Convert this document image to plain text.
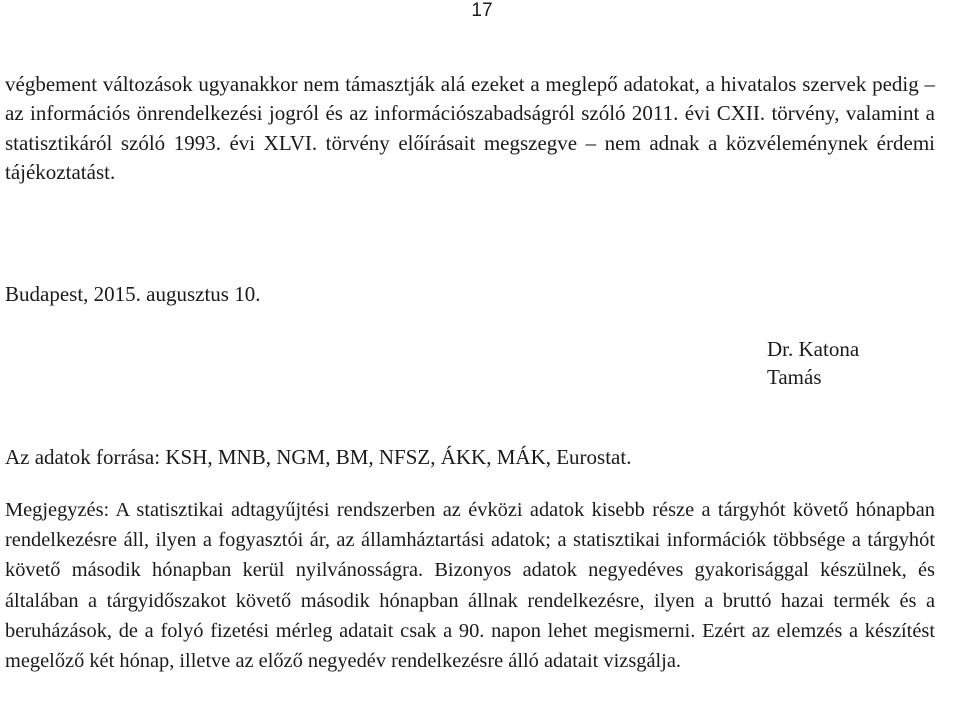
17

végbement változások ugyanakkor nem támasztják alá ezeket a meglepő adatokat, a hivatalos szervek pedig – az információs önrendelkezési jogról és az információszabadságról szóló 2011. évi CXII. törvény, valamint a statisztikáról szóló 1993. évi XLVI. törvény előírásait megszegve – nem adnak a közvéleménynek érdemi tájékoztatást.

Budapest, 2015. augusztus 10.
Dr. Katona Tamás
Az adatok forrása: KSH, MNB, NGM, BM, NFSZ, ÁKK, MÁK, Eurostat.

Megjegyzés: A statisztikai adtagyűjtési rendszerben az évközi adatok kisebb része a tárgyhót követő hónapban rendelkezésre áll, ilyen a fogyasztói ár, az államháztartási adatok; a statisztikai információk többsége a tárgyhót követő második hónapban kerül nyilvánosságra. Bizonyos adatok negyedéves gyakorisággal készülnek, és általában a tárgyidőszakot követő második hónapban állnak rendelkezésre, ilyen a bruttó hazai termék és a beruházások, de a folyó fizetési mérleg adatait csak a 90. napon lehet megismerni. Ezért az elemzés a készítést megelőző két hónap, illetve az előző negyedév rendelkezésre álló adatait vizsgálja.
